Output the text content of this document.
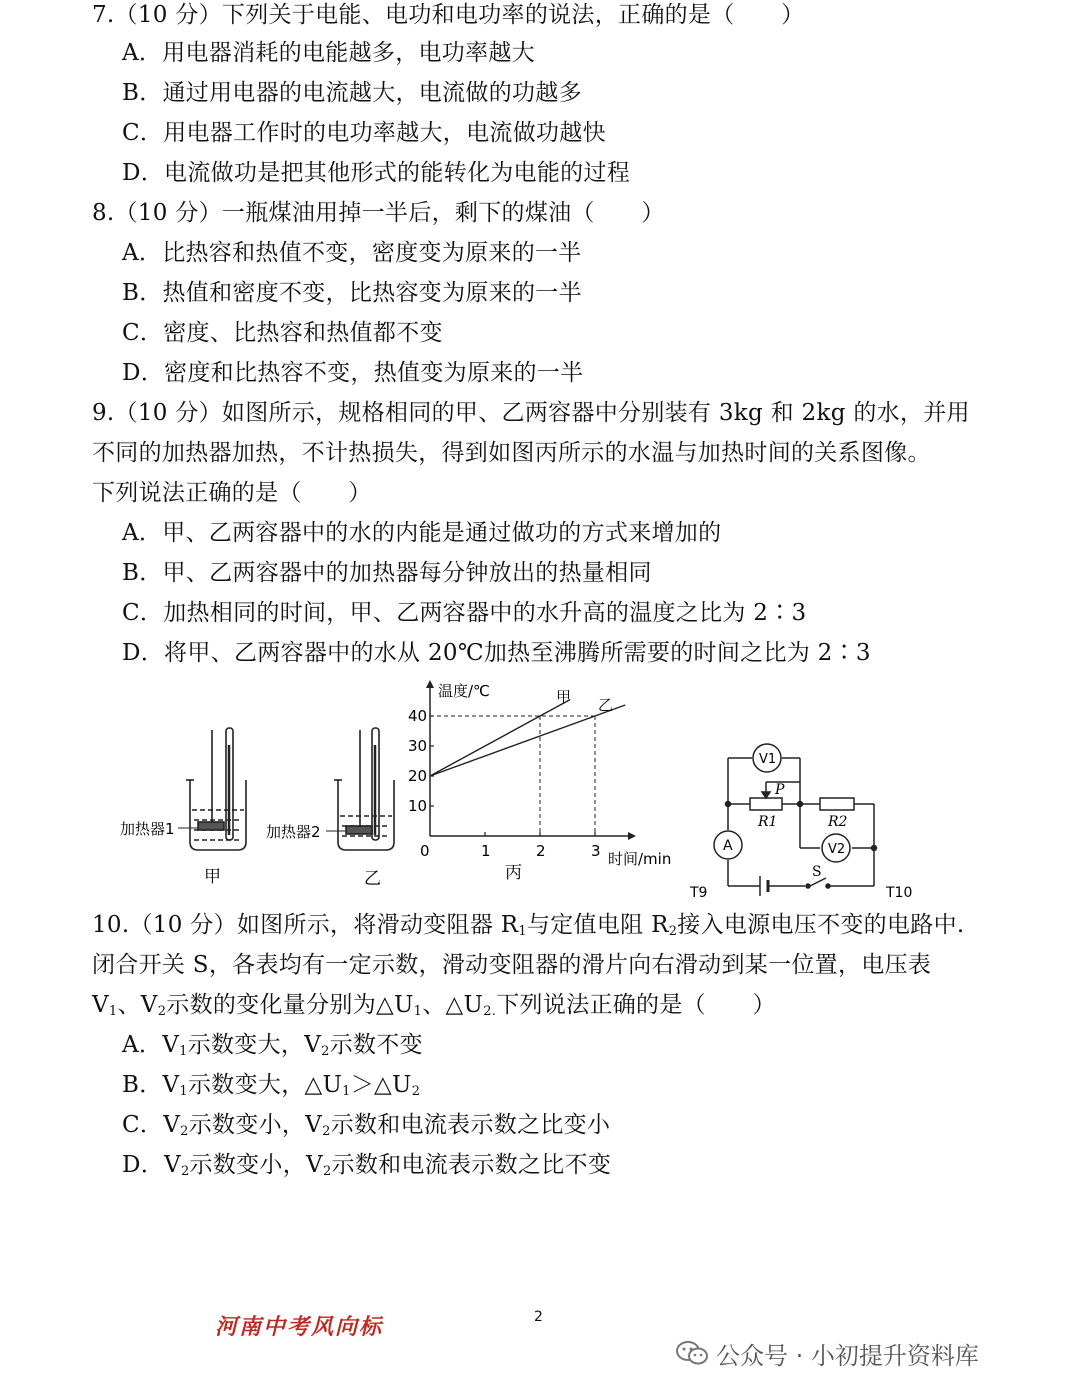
7.（10 分）下列关于电能、电功和电功率的说法，正确的是（　　）
A．用电器消耗的电能越多，电功率越大
B．通过用电器的电流越大，电流做的功越多
C．用电器工作时的电功率越大，电流做功越快
D．电流做功是把其他形式的能转化为电能的过程
8.（10 分）一瓶煤油用掉一半后，剩下的煤油（　　）
A．比热容和热值不变，密度变为原来的一半
B．热值和密度不变，比热容变为原来的一半
C．密度、比热容和热值都不变
D．密度和比热容不变，热值变为原来的一半
9.（10 分）如图所示，规格相同的甲、乙两容器中分别装有 3kg 和 2kg 的水，并用
不同的加热器加热，不计热损失，得到如图丙所示的水温与加热时间的关系图像。
下列说法正确的是（　　）
A．甲、乙两容器中的水的内能是通过做功的方式来增加的
B．甲、乙两容器中的加热器每分钟放出的热量相同
C．加热相同的时间，甲、乙两容器中的水升高的温度之比为 2∶3
D．将甲、乙两容器中的水从 20℃加热至沸腾所需要的时间之比为 2∶3
加热器1	加热器2
甲	乙
温度/℃
时间/min
0	1	2	3
10
20
30
40
甲 乙
丙
V1
V2
A
P
R1	R2
S
T9	T10
10.（10 分）如图所示，将滑动变阻器 $R_1$与定值电阻 $R_2$接入电源电压不变的电路中.
闭合开关 S，各表均有一定示数，滑动变阻器的滑片向右滑动到某一位置，电压表
$V_1$、$V_2$示数的变化量分别为$\triangle U_1$、$\triangle U_{2.}$下列说法正确的是（　　）
A．$V_1$示数变大，$V_2$示数不变
B．$V_1$示数变大，$\triangle U_1>\triangle U_2$
C．$V_2$示数变小，$V_2$示数和电流表示数之比变小
D．$V_2$示数变小，$V_2$示数和电流表示数之比不变
河南中考风向标	2
公众号 · 小初提升资料库
